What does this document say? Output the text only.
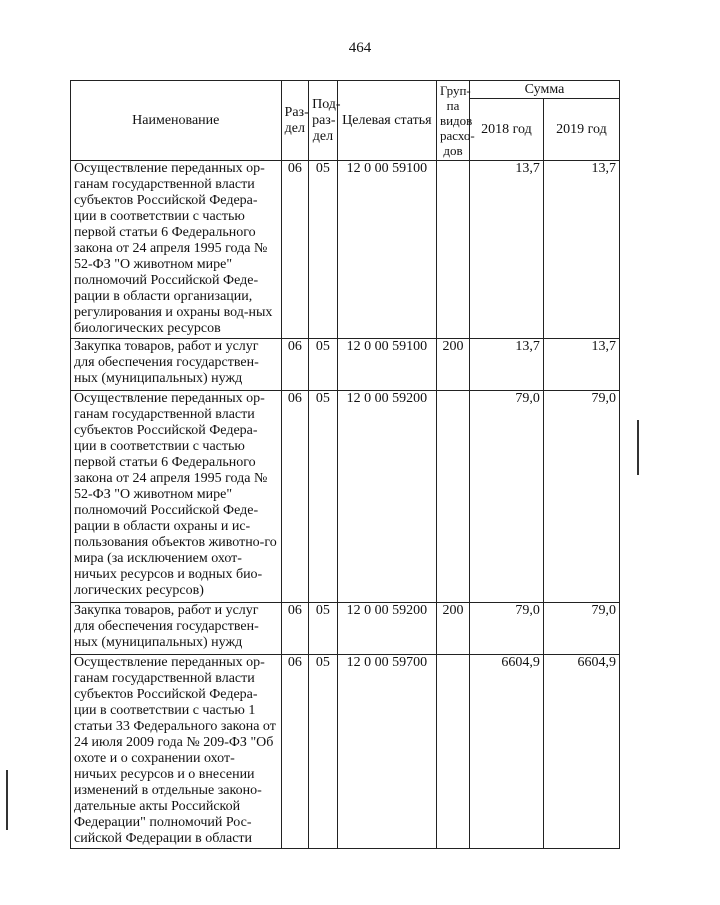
464
Наименование	Раз-дел	Под-раз-дел	Целевая статья	Груп-па видов расхо-дов	Сумма	
					2018 год	2019 год
Осуществление переданных ор-ганам государственной власти субъектов Российской Федера-ции в соответствии с частью первой статьи 6 Федерального закона от 24 апреля 1995 года № 52-ФЗ "О животном мире" полномочий Российской Феде-рации в области организации, регулирования и охраны вод-ных биологических ресурсов	06	05	12 0 00 59100		13,7	13,7
Закупка товаров, работ и услуг для обеспечения государствен-ных (муниципальных) нужд	06	05	12 0 00 59100	200	13,7	13,7
Осуществление переданных ор-ганам государственной власти субъектов Российской Федера-ции в соответствии с частью первой статьи 6 Федерального закона от 24 апреля 1995 года № 52-ФЗ "О животном мире" полномочий Российской Феде-рации в области охраны и ис-пользования объектов животно-го мира (за исключением охот-ничьих ресурсов и водных био-логических ресурсов)	06	05	12 0 00 59200		79,0	79,0
Закупка товаров, работ и услуг для обеспечения государствен-ных (муниципальных) нужд	06	05	12 0 00 59200	200	79,0	79,0
Осуществление переданных ор-ганам государственной власти субъектов Российской Федера-ции в соответствии с частью 1 статьи 33 Федерального закона от 24 июля 2009 года № 209-ФЗ "Об охоте и о сохранении охот-ничьих ресурсов и о внесении изменений в отдельные законо-дательные акты Российской Федерации" полномочий Рос-сийской Федерации в области	06	05	12 0 00 59700		6604,9	6604,9
